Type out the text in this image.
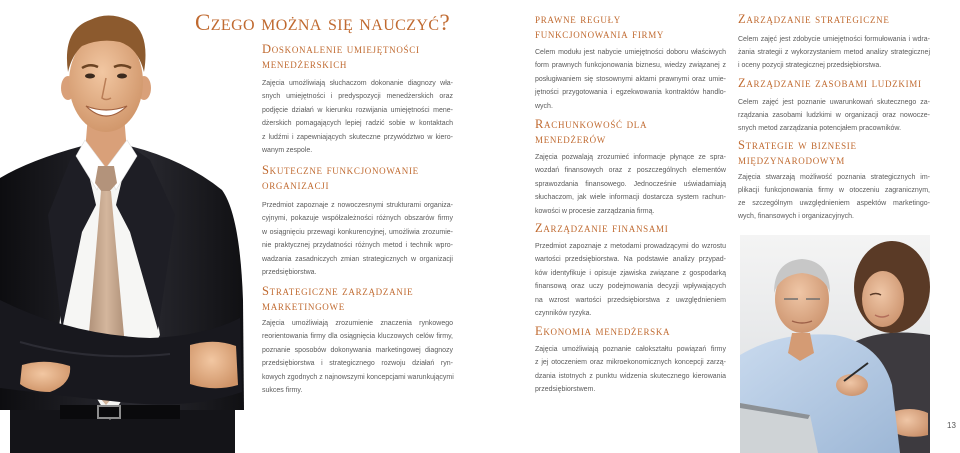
Czego można się nauczyć?
Doskonalenie umiejętności
menedżerskich
Zajęcia umożliwiają słuchaczom dokonanie diagnozy wła-
snych umiejętności i predyspozycji menedżerskich oraz
podjęcie działań w kierunku rozwijania umiejętności mene-
dżerskich pomagających lepiej radzić sobie w kontaktach
z ludźmi i zapewniających skuteczne przywództwo w kiero-
wanym zespole.
Skuteczne funkcjonowanie
organizacji
Przedmiot zapoznaje z nowoczesnymi strukturami organiza-
cyjnymi, pokazuje współzależności różnych obszarów firmy
w osiągnięciu przewagi konkurencyjnej, umożliwia zrozumie-
nie praktycznej przydatności różnych metod i technik wpro-
wadzania zasadniczych zmian strategicznych w organizacji
przedsiębiorstwa.
Strategiczne zarządzanie
marketingowe
Zajęcia umożliwiają zrozumienie znaczenia rynkowego
reorientowania firmy dla osiągnięcia kluczowych celów firmy,
poznanie sposobów dokonywania marketingowej diagnozy
przedsiębiorstwa i strategicznego rozwoju działań ryn-
kowych zgodnych z najnowszymi koncepcjami warunkującymi
sukces firmy.
prawne reguły
funkcjonowania firmy
Celem modułu jest nabycie umiejętności doboru właściwych
form prawnych funkcjonowania biznesu, wiedzy związanej z
posługiwaniem się stosownymi aktami prawnymi oraz umie-
jętności przygotowania i egzekwowania kontraktów handlo-
wych.
Rachunkowość dla
menedżerów
Zajęcia pozwalają zrozumieć informacje płynące ze spra-
wozdań finansowych oraz z poszczególnych elementów
sprawozdania finansowego. Jednocześnie uświadamiają
słuchaczom, jak wiele informacji dostarcza system rachun-
kowości w procesie zarządzania firmą.
Zarządzanie finansami
Przedmiot zapoznaje z metodami prowadzącymi do wzrostu
wartości przedsiębiorstwa. Na podstawie analizy przypad-
ków identyfikuje i opisuje zjawiska związane z gospodarką
finansową oraz uczy podejmowania decyzji wpływających
na wzrost wartości przedsiębiorstwa z uwzględnieniem
czynników ryzyka.
Ekonomia menedżerska
Zajęcia umożliwiają poznanie całokształtu powiązań firmy
z jej otoczeniem oraz mikroekonomicznych koncepcji zarzą-
dzania istotnych z punktu widzenia skutecznego kierowania
przedsiębiorstwem.
Zarządzanie strategiczne
Celem zajęć jest zdobycie umiejętności formułowania i wdra-
żania strategii z wykorzystaniem metod analizy strategicznej
i oceny pozycji strategicznej przedsiębiorstwa.
Zarządzanie zasobami ludzkimi
Celem zajęć jest poznanie uwarunkowań skutecznego za-
rządzania zasobami ludzkimi w organizacji oraz nowocze-
snych metod zarządzania potencjałem pracowników.
Strategie w biznesie
międzynarodowym
Zajęcia stwarzają możliwość poznania strategicznych im-
plikacji funkcjonowania firmy w otoczeniu zagranicznym,
ze szczególnym uwzględnieniem aspektów marketingo-
wych, finansowych i organizacyjnych.
13
